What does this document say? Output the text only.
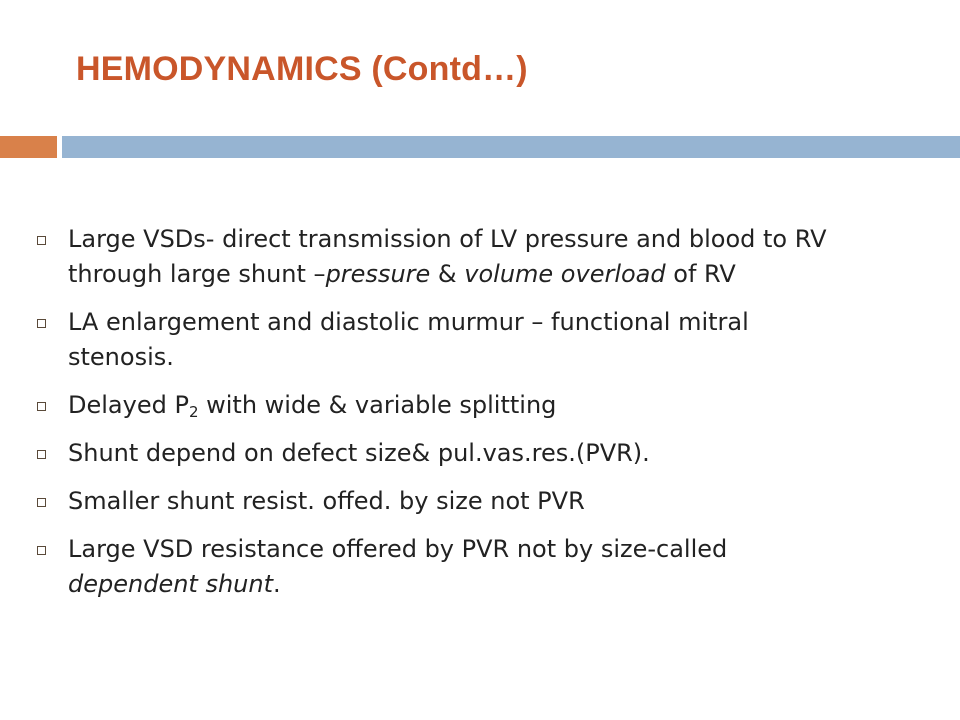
HEMODYNAMICS (Contd…)
Large VSDs- direct transmission of LV pressure and blood to RV through large shunt –pressure & volume overload of RV
LA enlargement and diastolic murmur – functional mitral stenosis.
Delayed $P_2$ with wide & variable splitting
Shunt depend on defect size& pul.vas.res.(PVR).
Smaller shunt resist. offed. by size not PVR
Large VSD resistance offered by PVR not by size-called dependent shunt.
